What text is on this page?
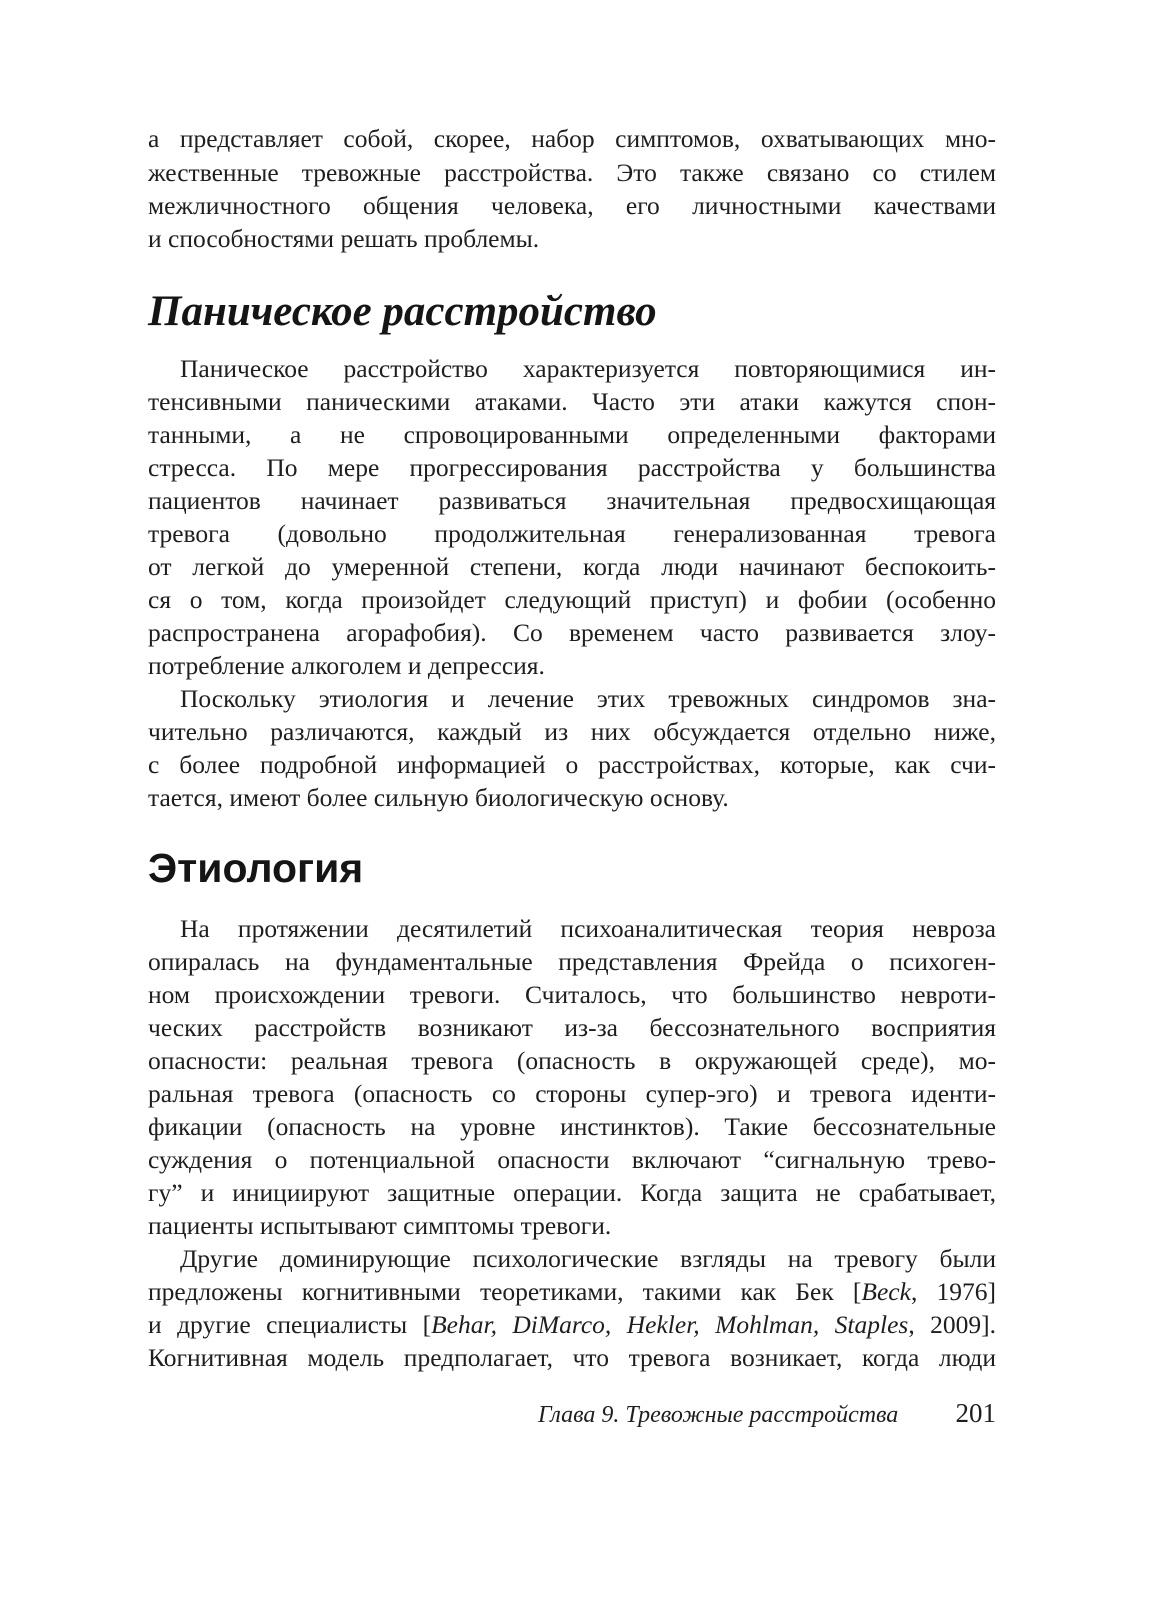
а представляет собой, скорее, набор симптомов, охватывающих мно-
жественные тревожные расстройства. Это также связано со стилем
межличностного общения человека, его личностными качествами
и способностями решать проблемы.
Паническое расстройство
Паническое расстройство характеризуется повторяющимися ин-
тенсивными паническими атаками. Часто эти атаки кажутся спон-
танными, а не спровоцированными определенными факторами
стресса. По мере прогрессирования расстройства у большинства
пациентов начинает развиваться значительная предвосхищающая
тревога (довольно продолжительная генерализованная тревога
от легкой до умеренной степени, когда люди начинают беспокоить-
ся о том, когда произойдет следующий приступ) и фобии (особенно
распространена агорафобия). Со временем часто развивается злоу-
потребление алкоголем и депрессия.
Поскольку этиология и лечение этих тревожных синдромов зна-
чительно различаются, каждый из них обсуждается отдельно ниже,
с более подробной информацией о расстройствах, которые, как счи-
тается, имеют более сильную биологическую основу.
Этиология
На протяжении десятилетий психоаналитическая теория невроза
опиралась на фундаментальные представления Фрейда о психоген-
ном происхождении тревоги. Считалось, что большинство невроти-
ческих расстройств возникают из-за бессознательного восприятия
опасности: реальная тревога (опасность в окружающей среде), мо-
ральная тревога (опасность со стороны супер-эго) и тревога иденти-
фикации (опасность на уровне инстинктов). Такие бессознательные
суждения о потенциальной опасности включают “сигнальную трево-
гу” и инициируют защитные операции. Когда защита не срабатывает,
пациенты испытывают симптомы тревоги.
Другие доминирующие психологические взгляды на тревогу были
предложены когнитивными теоретиками, такими как Бек [Beck, 1976]
и другие специалисты [Behar, DiMarco, Hekler, Mohlman, Staples, 2009].
Когнитивная модель предполагает, что тревога возникает, когда люди
Глава 9. Тревожные расстройства 201
